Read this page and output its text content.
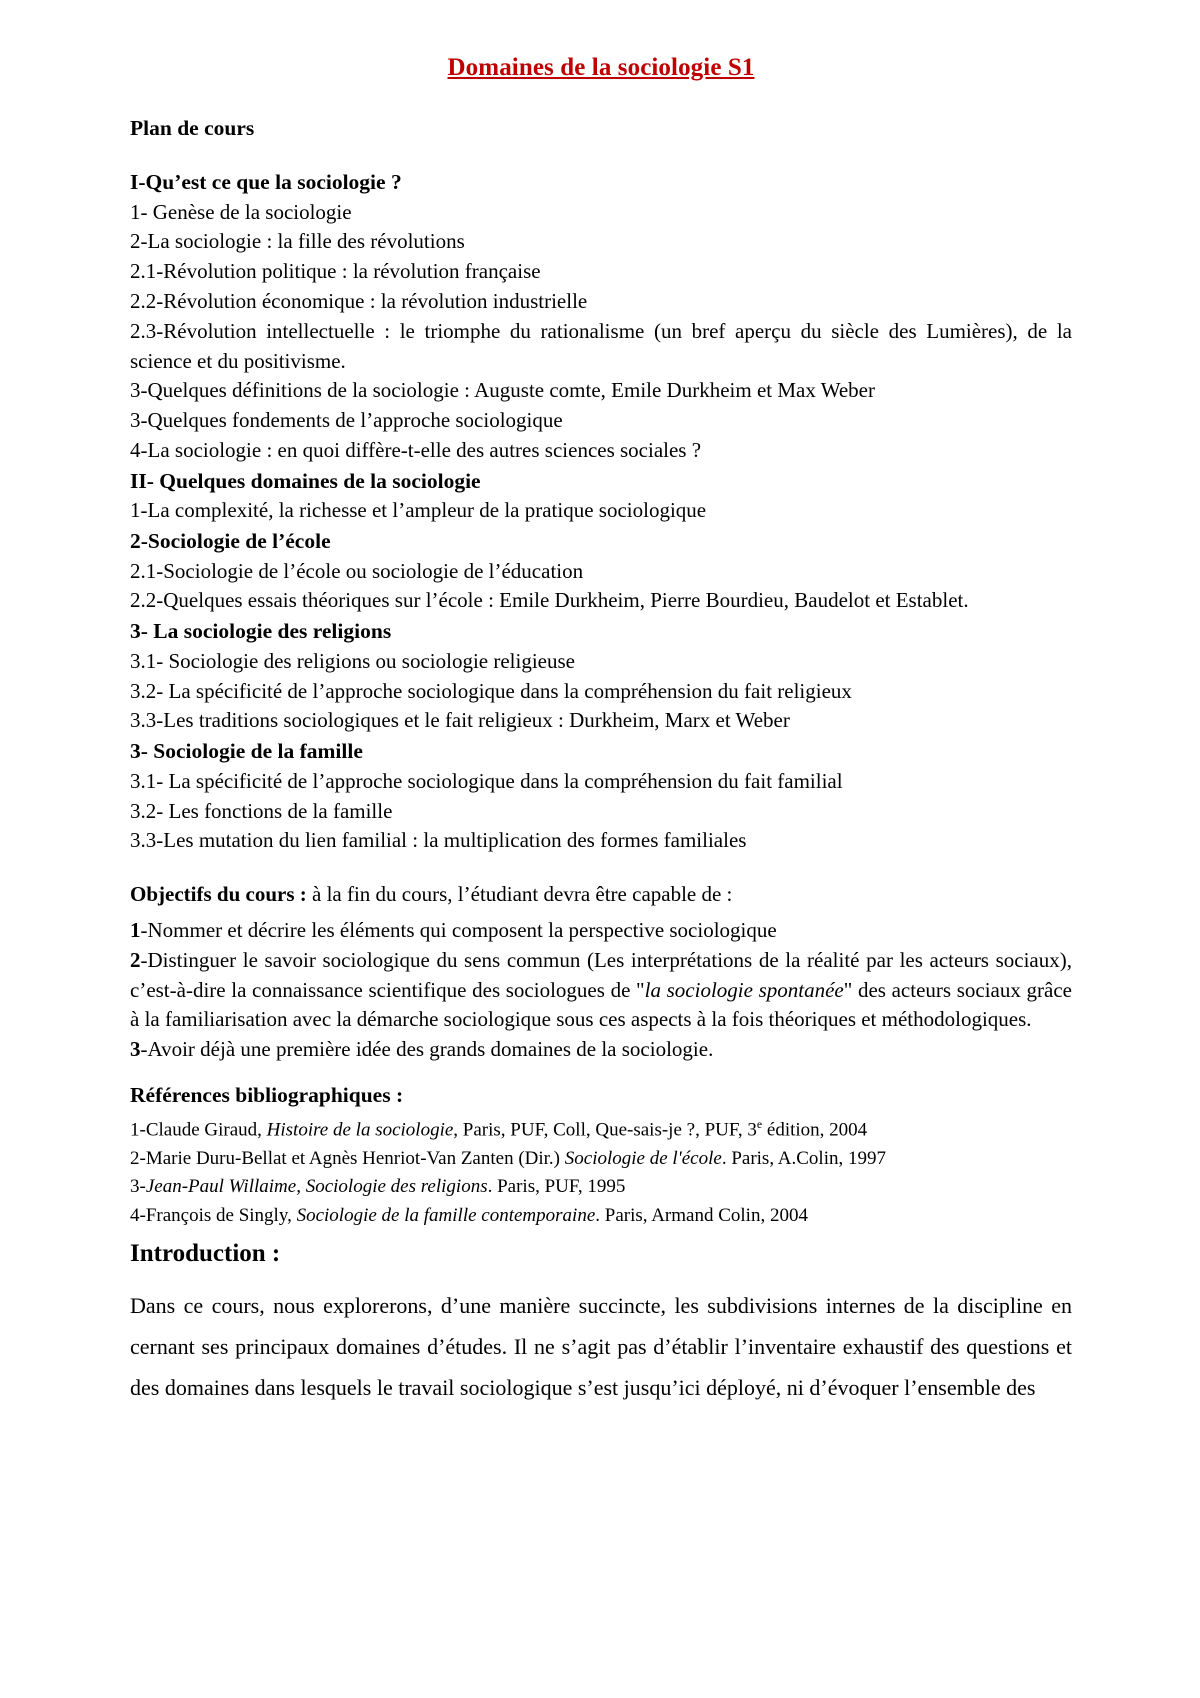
Domaines de la sociologie S1
Plan de cours
I-Qu’est ce que la sociologie ?
1- Genèse de la sociologie
2-La sociologie : la fille des révolutions
2.1-Révolution politique : la révolution française
2.2-Révolution économique : la révolution industrielle
2.3-Révolution intellectuelle : le triomphe du rationalisme (un bref aperçu du siècle des Lumières), de la science et du positivisme.
3-Quelques définitions de la sociologie : Auguste comte, Emile Durkheim et Max Weber
3-Quelques fondements de l’approche sociologique
4-La sociologie : en quoi diffère-t-elle des autres sciences sociales ?
II- Quelques domaines de la sociologie
1-La complexité, la richesse et l’ampleur de la pratique sociologique
2-Sociologie de l’école
2.1-Sociologie de l’école ou sociologie de l’éducation
2.2-Quelques essais théoriques sur l’école : Emile Durkheim, Pierre Bourdieu, Baudelot et Establet.
3- La sociologie des religions
3.1- Sociologie des religions ou sociologie religieuse
3.2- La spécificité de l’approche sociologique dans la compréhension du fait religieux
3.3-Les traditions sociologiques et le fait religieux : Durkheim, Marx et Weber
3- Sociologie de la famille
3.1- La spécificité de l’approche sociologique dans la compréhension du fait familial
3.2- Les fonctions de la famille
3.3-Les mutation du lien familial : la multiplication des formes familiales
Objectifs du cours : à la fin du cours, l’étudiant devra être capable de :
1-Nommer et décrire les éléments qui composent la perspective sociologique
2-Distinguer le savoir sociologique du sens commun (Les interprétations de la réalité par les acteurs sociaux), c’est-à-dire la connaissance scientifique des sociologues de "la sociologie spontanée" des acteurs sociaux grâce à la familiarisation avec la démarche sociologique sous ces aspects à la fois théoriques et méthodologiques.
3-Avoir déjà une première idée des grands domaines de la sociologie.
Références bibliographiques :
1-Claude Giraud, Histoire de la sociologie, Paris, PUF, Coll, Que-sais-je ?, PUF, 3e édition, 2004
2-Marie Duru-Bellat et Agnès Henriot-Van Zanten (Dir.) Sociologie de l'école. Paris, A.Colin, 1997
3-Jean-Paul Willaime, Sociologie des religions. Paris, PUF, 1995
4-François de Singly, Sociologie de la famille contemporaine. Paris, Armand Colin, 2004
Introduction :
Dans ce cours, nous explorerons, d’une manière succincte, les subdivisions internes de la discipline en cernant ses principaux domaines d’études. Il ne s’agit pas d’établir l’inventaire exhaustif des questions et des domaines dans lesquels le travail sociologique s’est jusqu’ici déployé, ni d’évoquer l’ensemble des
